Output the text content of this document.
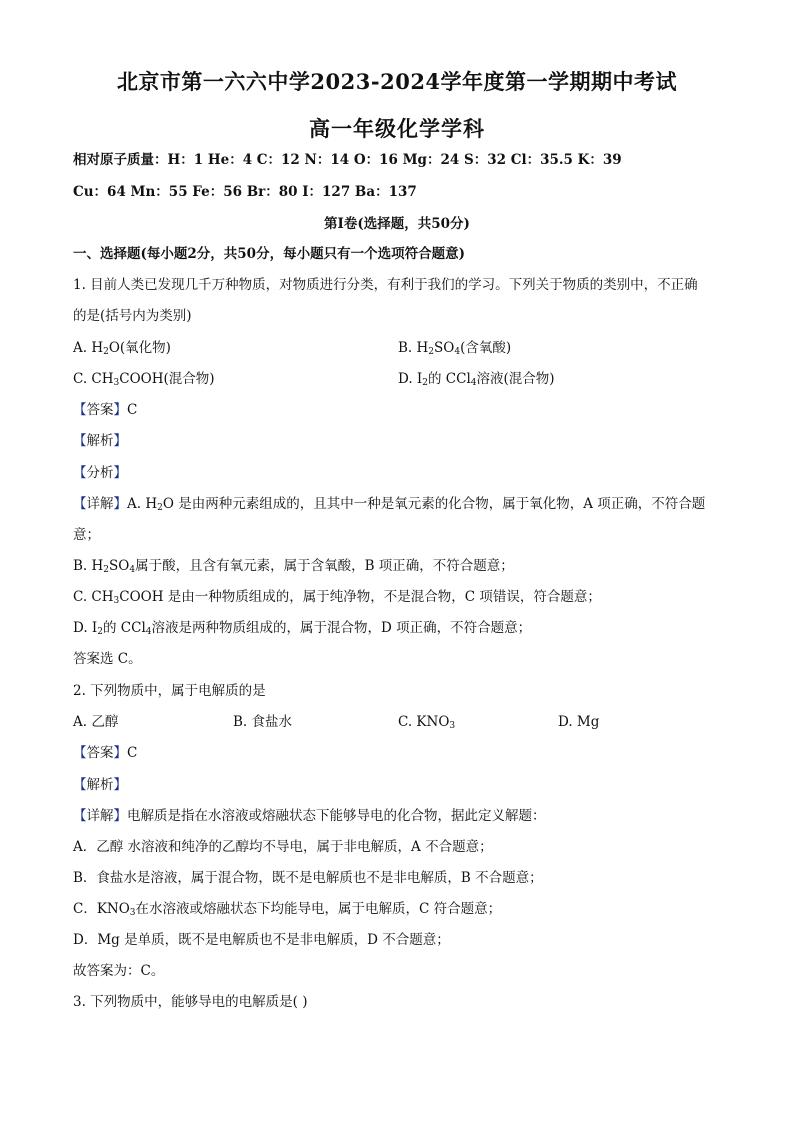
北京市第一六六中学2023-2024学年度第一学期期中考试
高一年级化学学科
相对原子质量：H：1 He：4 C：12 N：14 O：16 Mg：24 S：32 Cl：35.5 K：39
Cu：64 Mn：55 Fe：56 Br：80 I：127 Ba：137
第Ⅰ卷(选择题，共50分)
一、选择题(每小题2分，共50分，每小题只有一个选项符合题意)
1. 目前人类已发现几千万种物质，对物质进行分类，有利于我们的学习。下列关于物质的类别中，不正确
的是(括号内为类别)
A. $H_2O$(氧化物)	B. $H_2SO_4$(含氧酸)
C. $CH_3COOH$(混合物)	D. $I_2$的 CCl$_4$溶液(混合物)
【答案】C
【解析】
【分析】
【详解】A. $H_2O$ 是由两种元素组成的，且其中一种是氧元素的化合物，属于氧化物，A 项正确，不符合题
意；
B. $H_2SO_4$属于酸，且含有氧元素，属于含氧酸，B 项正确，不符合题意；
C. $CH_3COOH$ 是由一种物质组成的，属于纯净物，不是混合物，C 项错误，符合题意；
D. $I_2$的 CCl$_4$溶液是两种物质组成的，属于混合物，D 项正确，不符合题意；
答案选 C。
2. 下列物质中，属于电解质的是
A. 乙醇	B. 食盐水	C. $KNO_3$	D. Mg
【答案】C
【解析】
【详解】电解质是指在水溶液或熔融状态下能够导电的化合物，据此定义解题：
A．乙醇 水溶液和纯净的乙醇均不导电，属于非电解质，A 不合题意；
B．食盐水是溶液，属于混合物，既不是电解质也不是非电解质，B 不合题意；
C．$KNO_3$在水溶液或熔融状态下均能导电，属于电解质，C 符合题意；
D．Mg 是单质，既不是电解质也不是非电解质，D 不合题意；
故答案为：C。
3. 下列物质中，能够导电的电解质是( )
